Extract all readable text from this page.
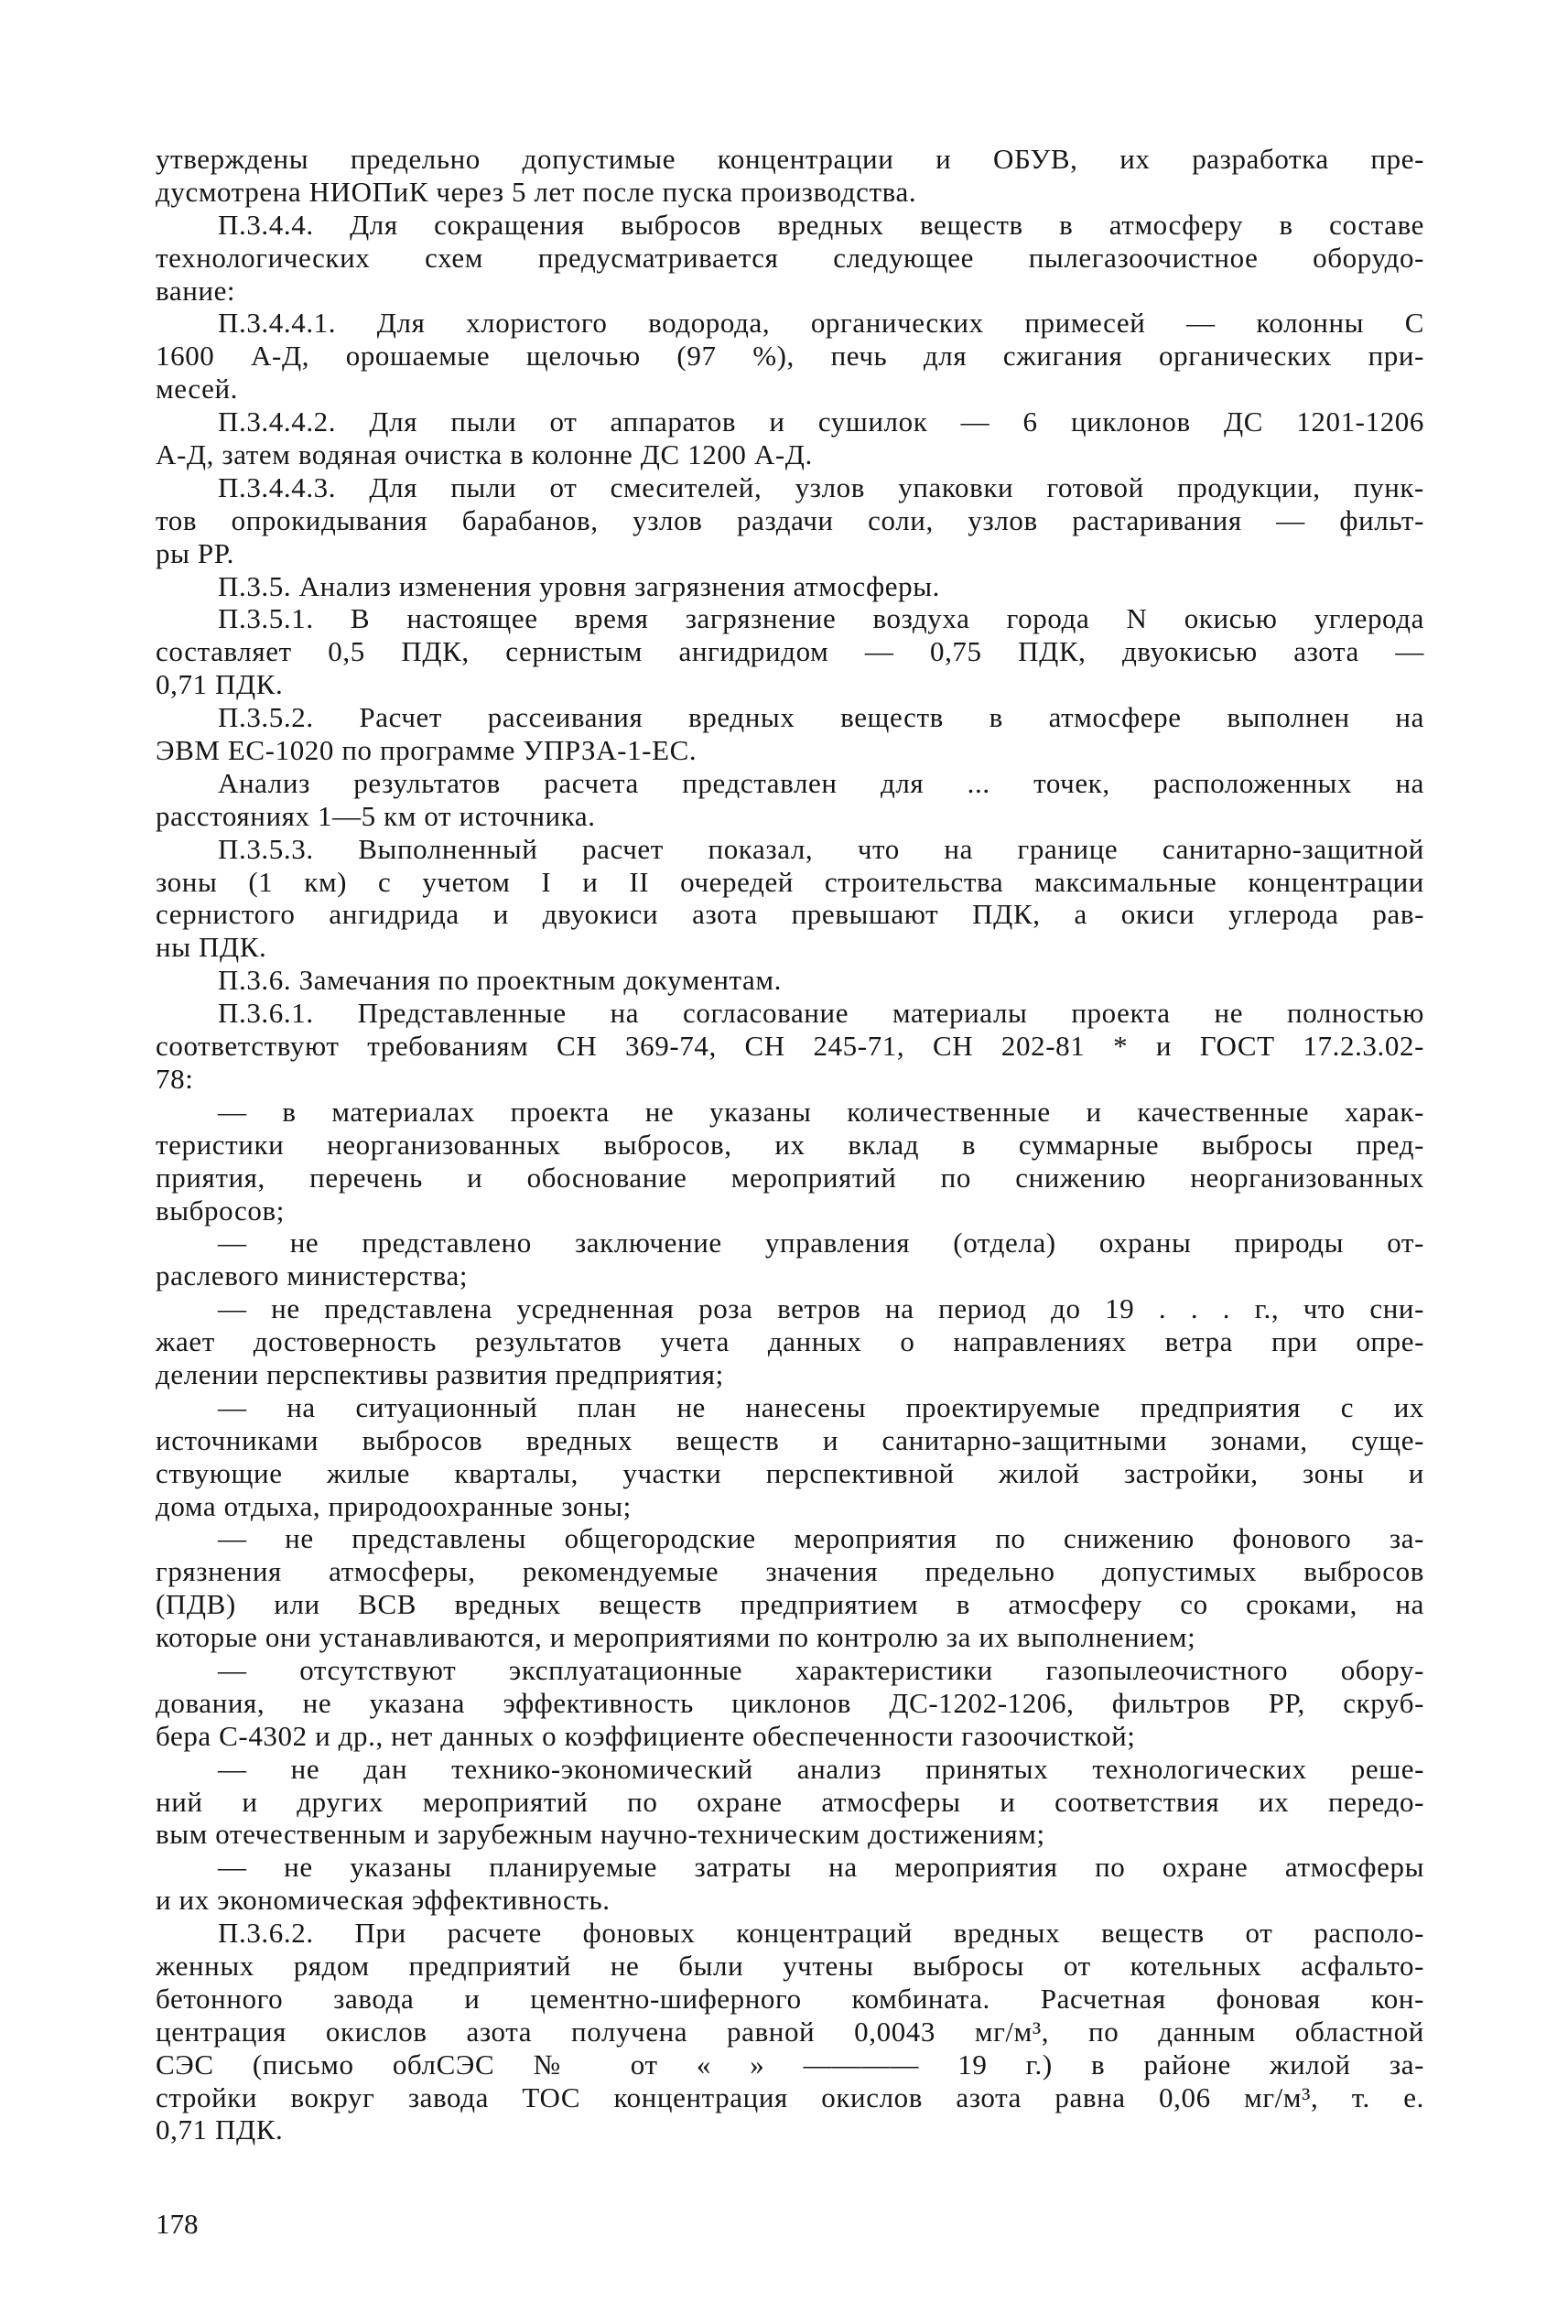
утверждены предельно допустимые концентрации и ОБУВ, их разработка пре-
дусмотрена НИОПиК через 5 лет после пуска производства.
П.3.4.4. Для сокращения выбросов вредных веществ в атмосферу в составе
технологических схем предусматривается следующее пылегазоочистное оборудо-
вание:
П.3.4.4.1. Для хлористого водорода, органических примесей — колонны С
1600 А-Д, орошаемые щелочью (97 %), печь для сжигания органических при-
месей.
П.3.4.4.2. Для пыли от аппаратов и сушилок — 6 циклонов ДС 1201-1206
А-Д, затем водяная очистка в колонне ДС 1200 А-Д.
П.3.4.4.3. Для пыли от смесителей, узлов упаковки готовой продукции, пунк-
тов опрокидывания барабанов, узлов раздачи соли, узлов растаривания — фильт-
ры РР.
П.3.5. Анализ изменения уровня загрязнения атмосферы.
П.3.5.1. В настоящее время загрязнение воздуха города N окисью углерода
составляет 0,5 ПДК, сернистым ангидридом — 0,75 ПДК, двуокисью азота —
0,71 ПДК.
П.3.5.2. Расчет рассеивания вредных веществ в атмосфере выполнен на
ЭВМ ЕС-1020 по программе УПРЗА-1-ЕС.
Анализ результатов расчета представлен для ... точек, расположенных на
расстояниях 1—5 км от источника.
П.3.5.3. Выполненный расчет показал, что на границе санитарно-защитной
зоны (1 км) с учетом I и II очередей строительства максимальные концентрации
сернистого ангидрида и двуокиси азота превышают ПДК, а окиси углерода рав-
ны ПДК.
П.3.6. Замечания по проектным документам.
П.3.6.1. Представленные на согласование материалы проекта не полностью
соответствуют требованиям СН 369-74, СН 245-71, СН 202-81 * и ГОСТ 17.2.3.02-
78:
— в материалах проекта не указаны количественные и качественные харак-
теристики неорганизованных выбросов, их вклад в суммарные выбросы пред-
приятия, перечень и обоснование мероприятий по снижению неорганизованных
выбросов;
— не представлено заключение управления (отдела) охраны природы от-
раслевого министерства;
— не представлена усредненная роза ветров на период до 19 . . . г., что сни-
жает достоверность результатов учета данных о направлениях ветра при опре-
делении перспективы развития предприятия;
— на ситуационный план не нанесены проектируемые предприятия с их
источниками выбросов вредных веществ и санитарно-защитными зонами, суще-
ствующие жилые кварталы, участки перспективной жилой застройки, зоны и
дома отдыха, природоохранные зоны;
— не представлены общегородские мероприятия по снижению фонового за-
грязнения атмосферы, рекомендуемые значения предельно допустимых выбросов
(ПДВ) или ВСВ вредных веществ предприятием в атмосферу со сроками, на
которые они устанавливаются, и мероприятиями по контролю за их выполнением;
— отсутствуют эксплуатационные характеристики газопылеочистного обору-
дования, не указана эффективность циклонов ДС-1202-1206, фильтров РР, скруб-
бера С-4302 и др., нет данных о коэффициенте обеспеченности газоочисткой;
— не дан технико-экономический анализ принятых технологических реше-
ний и других мероприятий по охране атмосферы и соответствия их передо-
вым отечественным и зарубежным научно-техническим достижениям;
— не указаны планируемые затраты на мероприятия по охране атмосферы
и их экономическая эффективность.
П.3.6.2. При расчете фоновых концентраций вредных веществ от располо-
женных рядом предприятий не были учтены выбросы от котельных асфальто-
бетонного завода и цементно-шиферного комбината. Расчетная фоновая кон-
центрация окислов азота получена равной 0,0043 мг/м³, по данным областной
СЭС (письмо облСЭС № от « » ———— 19 г.) в районе жилой за-
стройки вокруг завода ТОС концентрация окислов азота равна 0,06 мг/м³, т. е.
0,71 ПДК.
178
